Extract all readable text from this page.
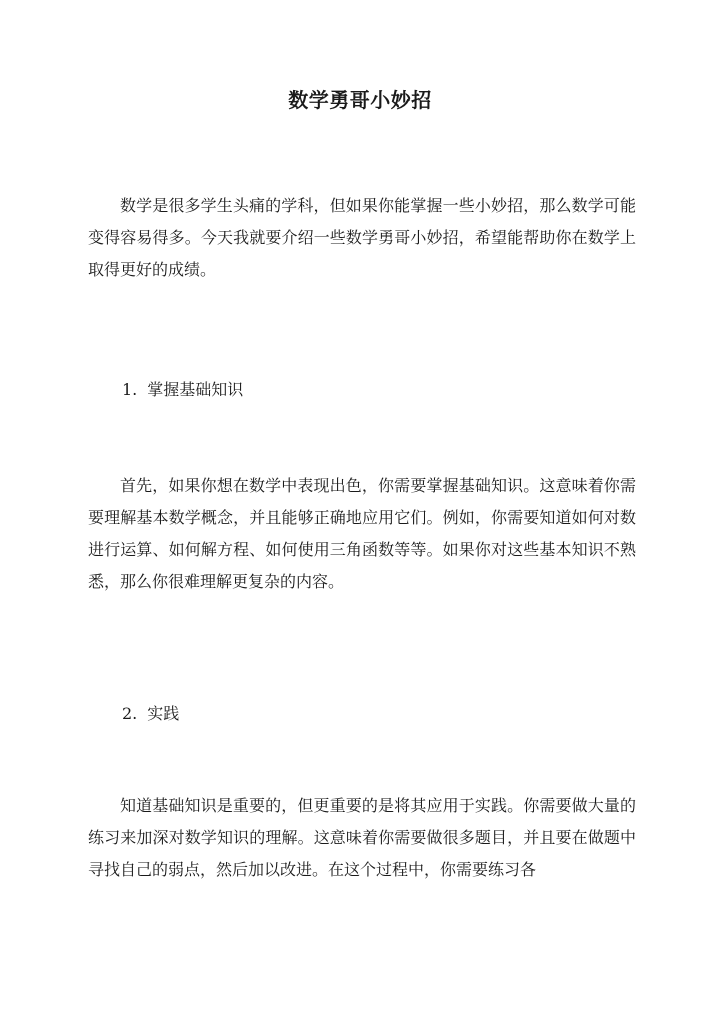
数学勇哥小妙招

数学是很多学生头痛的学科，但如果你能掌握一些小妙招，那么数学可能变得容易得多。今天我就要介绍一些数学勇哥小妙招，希望能帮助你在数学上取得更好的成绩。

1. 掌握基础知识

首先，如果你想在数学中表现出色，你需要掌握基础知识。这意味着你需要理解基本数学概念，并且能够正确地应用它们。例如，你需要知道如何对数进行运算、如何解方程、如何使用三角函数等等。如果你对这些基本知识不熟悉，那么你很难理解更复杂的内容。

2. 实践

知道基础知识是重要的，但更重要的是将其应用于实践。你需要做大量的练习来加深对数学知识的理解。这意味着你需要做很多题目，并且要在做题中寻找自己的弱点，然后加以改进。在这个过程中，你需要练习各
